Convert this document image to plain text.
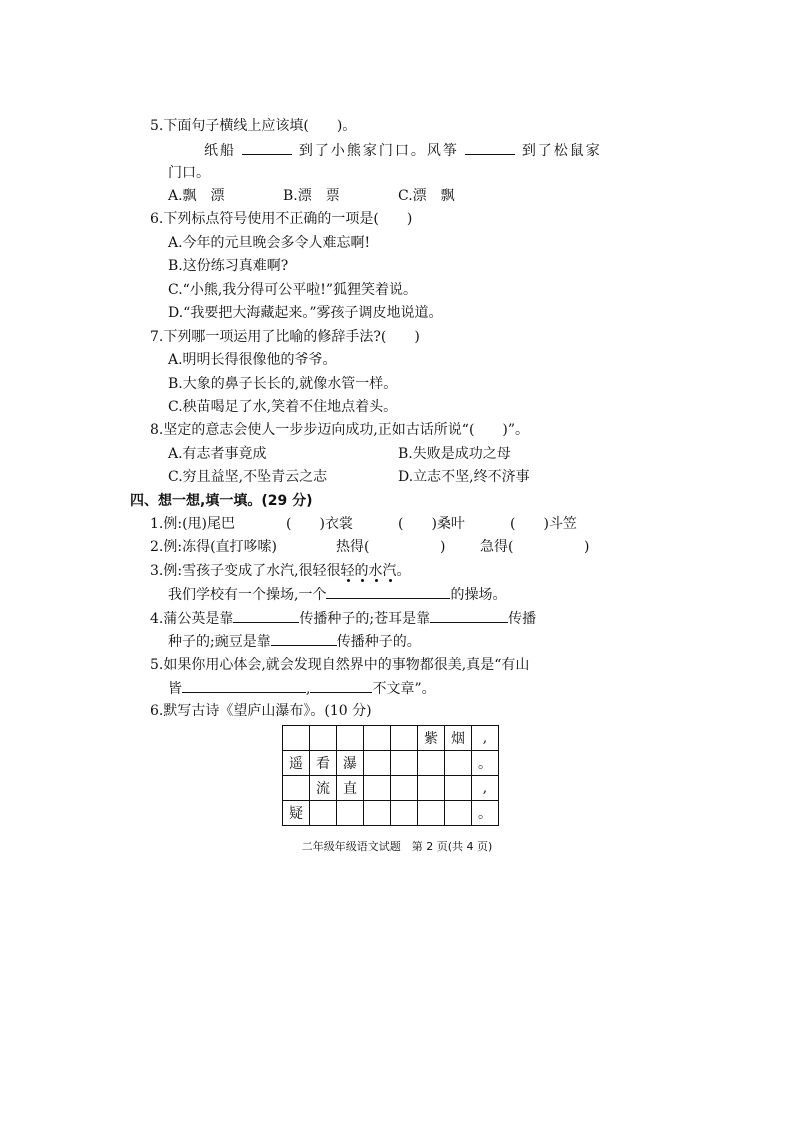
5.下面句子横线上应该填(　　)。
纸船	到了小熊家门口。风筝	到了松鼠家
门口。
A.飘　漂	B.漂　票	C.漂　飘
6.下列标点符号使用不正确的一项是(　　)
A.今年的元旦晚会多令人难忘啊!
B.这份练习真难啊?
C.“小熊,我分得可公平啦!”狐狸笑着说。
D.“我要把大海藏起来。”雾孩子调皮地说道。
7.下列哪一项运用了比喻的修辞手法?(　　)
A.明明长得很像他的爷爷。
B.大象的鼻子长长的,就像水管一样。
C.秧苗喝足了水,笑着不住地点着头。
8.坚定的意志会使人一步步迈向成功,正如古话所说“(　　)”。
A.有志者事竟成	B.失败是成功之母
C.穷且益坚,不坠青云之志	D.立志不坚,终不济事
四、想一想,填一填。(29 分)
1.例:(甩)尾巴	( )衣裳	( )桑叶	( )斗笠
2.例:冻得(直打哆嗦)	热得(	) 急得(	)
3.例:雪孩子变成了水汽,很轻很轻的水汽。
我们学校有一个操场,一个	的操场。
4.蒲公英是靠	传播种子的;苍耳是靠	传播
种子的;豌豆是靠	传播种子的。
5.如果你用心体会,就会发现自然界中的事物都很美,真是“有山
皆	,	不文章”。
6.默写古诗《望庐山瀑布》。(10 分)
					紫	烟	,
遥	看	瀑					。
	流	直					,
疑							。
二年级年级语文试题　第 2 页(共 4 页)
